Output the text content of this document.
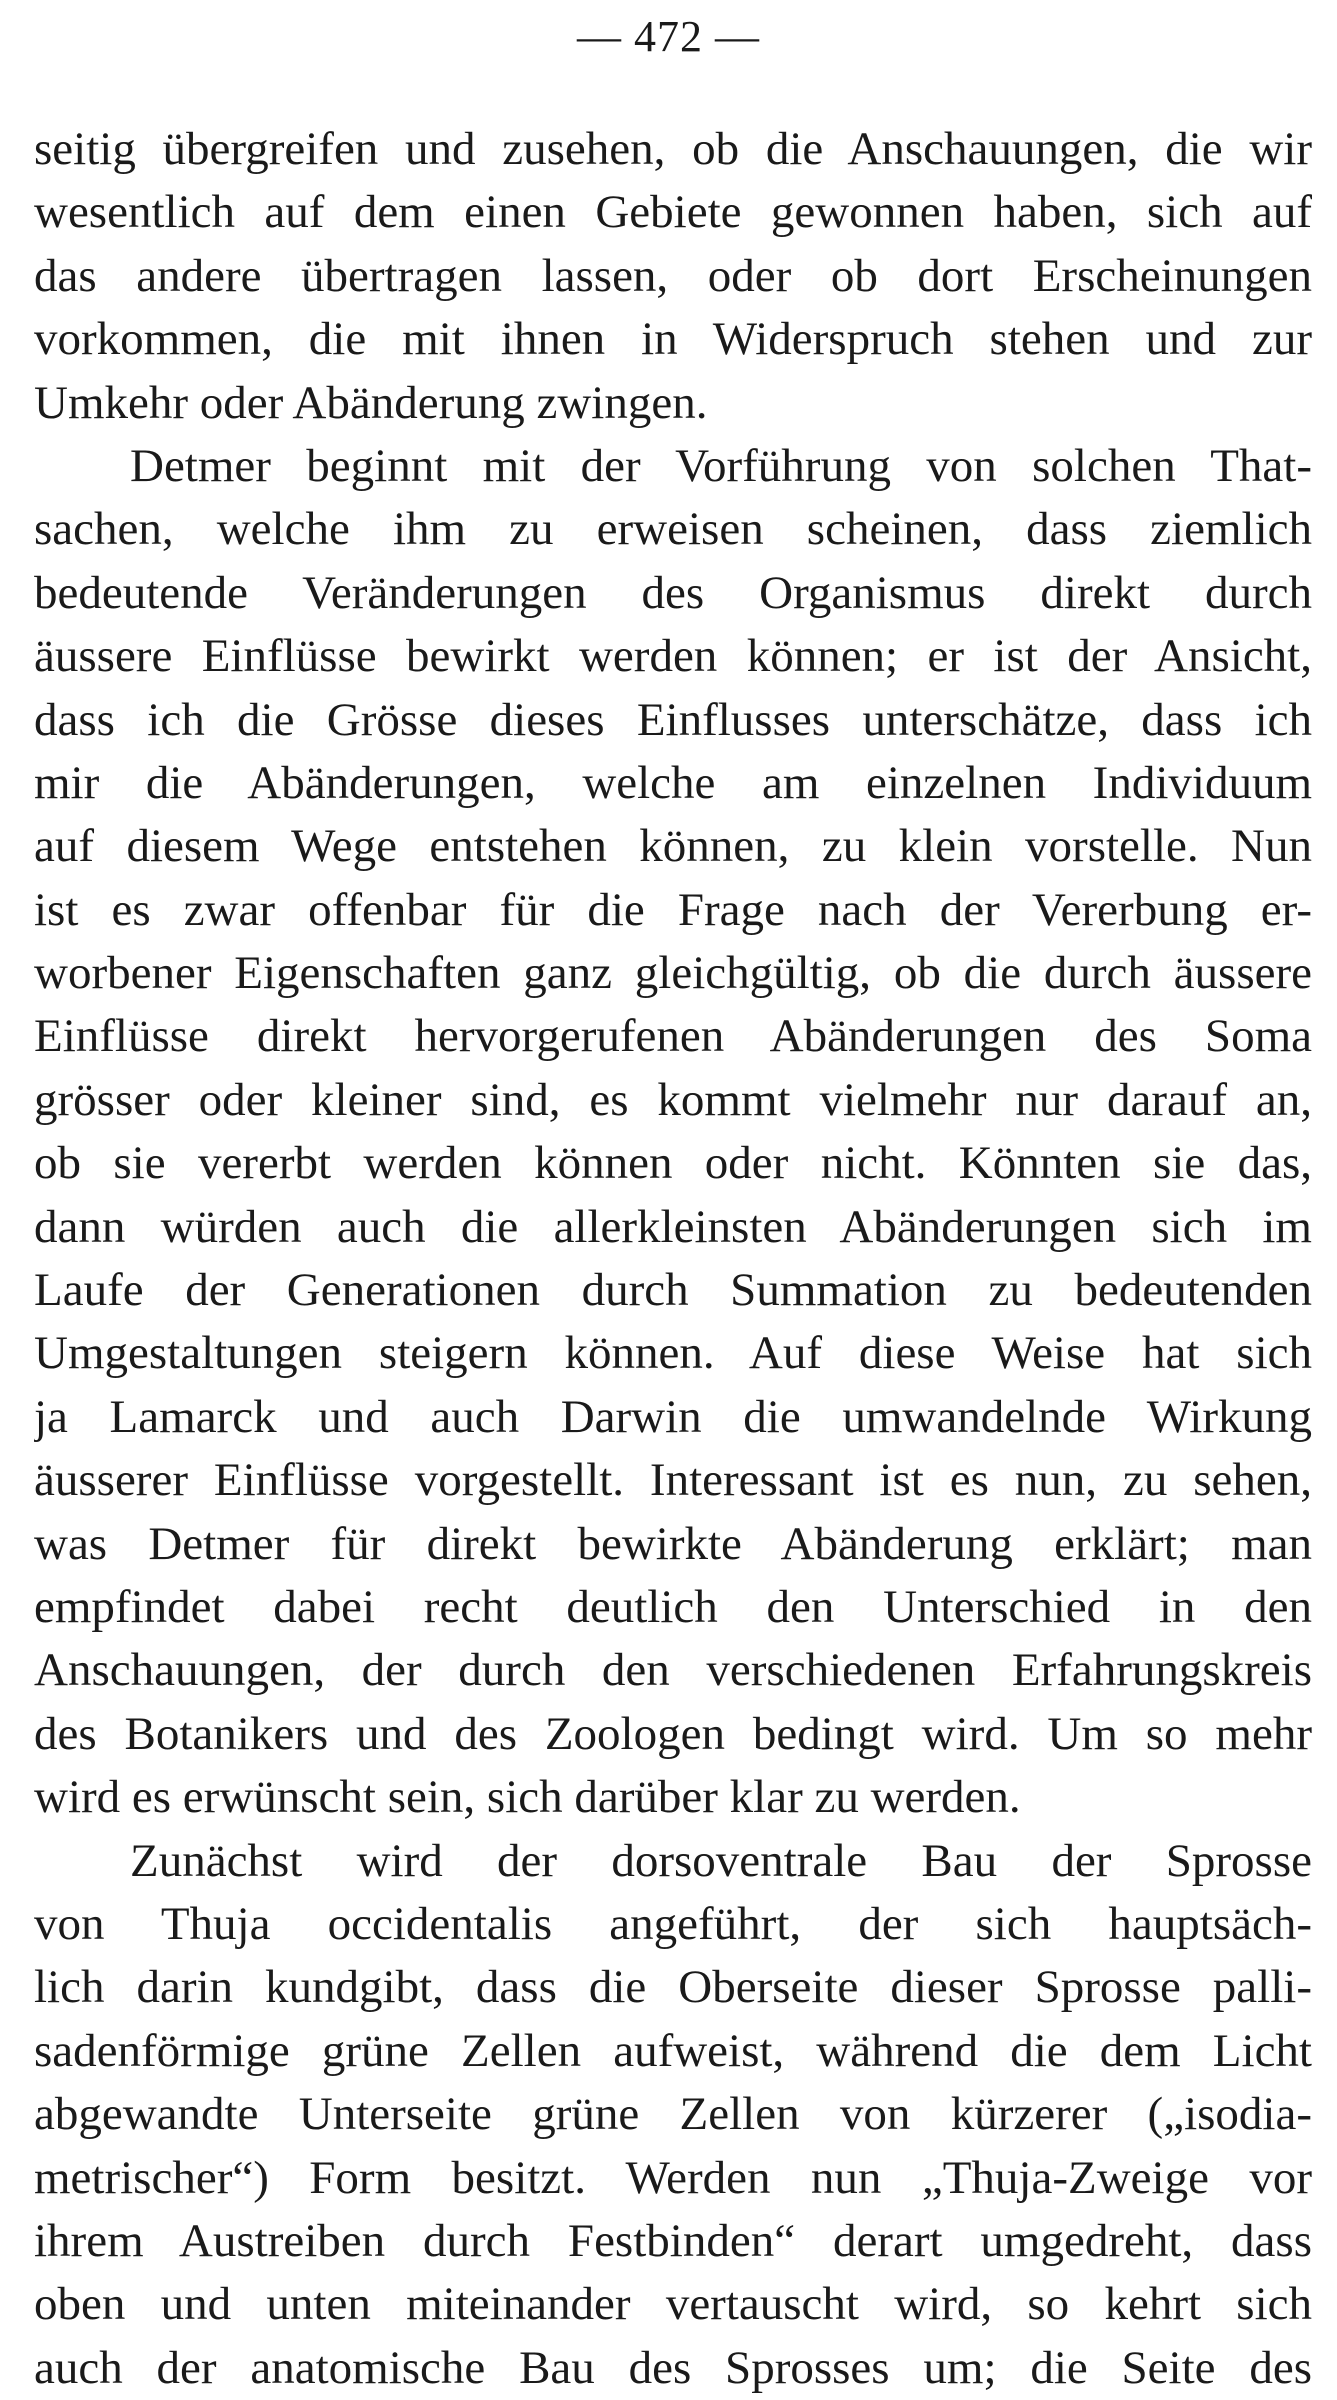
— 472 —
seitig übergreifen und zusehen, ob die Anschauungen, die wir
wesentlich auf dem einen Gebiete gewonnen haben, sich auf
das andere übertragen lassen, oder ob dort Erscheinungen
vorkommen, die mit ihnen in Widerspruch stehen und zur
Umkehr oder Abänderung zwingen.
Detmer beginnt mit der Vorführung von solchen That-
sachen, welche ihm zu erweisen scheinen, dass ziemlich
bedeutende Veränderungen des Organismus direkt durch
äussere Einflüsse bewirkt werden können; er ist der Ansicht,
dass ich die Grösse dieses Einflusses unterschätze, dass ich
mir die Abänderungen, welche am einzelnen Individuum
auf diesem Wege entstehen können, zu klein vorstelle. Nun
ist es zwar offenbar für die Frage nach der Vererbung er-
worbener Eigenschaften ganz gleichgültig, ob die durch äussere
Einflüsse direkt hervorgerufenen Abänderungen des Soma
grösser oder kleiner sind, es kommt vielmehr nur darauf an,
ob sie vererbt werden können oder nicht. Könnten sie das,
dann würden auch die allerkleinsten Abänderungen sich im
Laufe der Generationen durch Summation zu bedeutenden
Umgestaltungen steigern können. Auf diese Weise hat sich
ja Lamarck und auch Darwin die umwandelnde Wirkung
äusserer Einflüsse vorgestellt. Interessant ist es nun, zu sehen,
was Detmer für direkt bewirkte Abänderung erklärt; man
empfindet dabei recht deutlich den Unterschied in den
Anschauungen, der durch den verschiedenen Erfahrungskreis
des Botanikers und des Zoologen bedingt wird. Um so mehr
wird es erwünscht sein, sich darüber klar zu werden.
Zunächst wird der dorsoventrale Bau der Sprosse
von Thuja occidentalis angeführt, der sich hauptsäch-
lich darin kundgibt, dass die Oberseite dieser Sprosse palli-
sadenförmige grüne Zellen aufweist, während die dem Licht
abgewandte Unterseite grüne Zellen von kürzerer („isodia-
metrischer“) Form besitzt. Werden nun „Thuja-Zweige vor
ihrem Austreiben durch Festbinden“ derart umgedreht, dass
oben und unten miteinander vertauscht wird, so kehrt sich
auch der anatomische Bau des Sprosses um; die Seite des
